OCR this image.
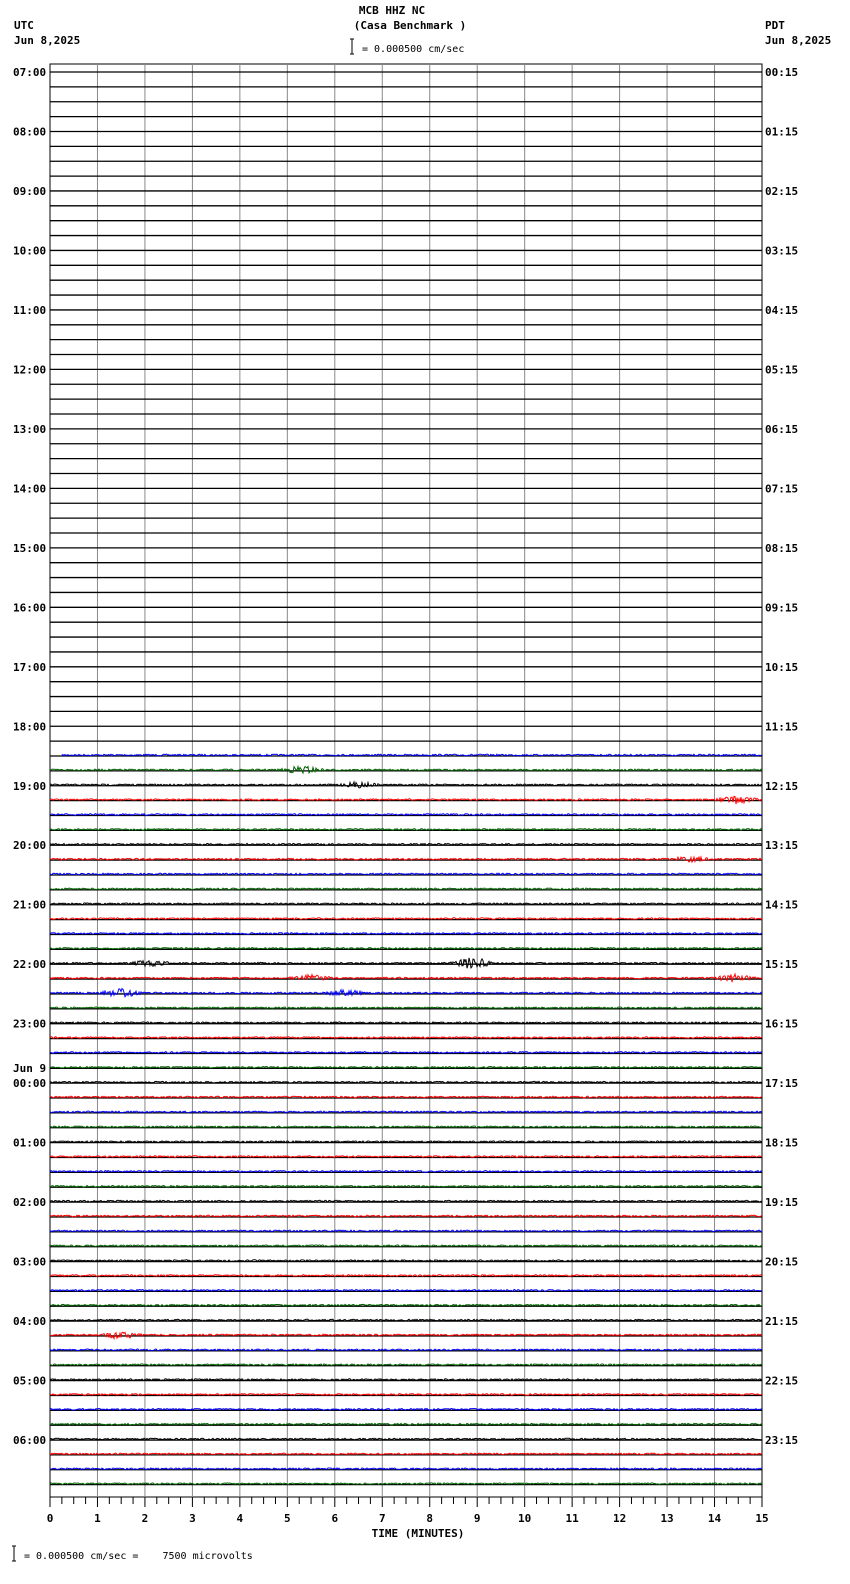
MCB HHZ NC
(Casa Benchmark )
UTC
Jun 8,2025
PDT
Jun 8,2025
= 0.000500 cm/sec
07:00	00:15
08:00	01:15
09:00	02:15
10:00	03:15
11:00	04:15
12:00	05:15
13:00	06:15
14:00	07:15
15:00	08:15
16:00	09:15
17:00	10:15
18:00	11:15
19:00	12:15
20:00	13:15
21:00	14:15
22:00	15:15
23:00	16:15
00:00	17:15
Jun 9
01:00	18:15
02:00	19:15
03:00	20:15
04:00	21:15
05:00	22:15
06:00	23:15
0	1	2	3	4	5	6	7	8	9	10	11	12	13	14	15
TIME (MINUTES)
= 0.000500 cm/sec =    7500 microvolts
